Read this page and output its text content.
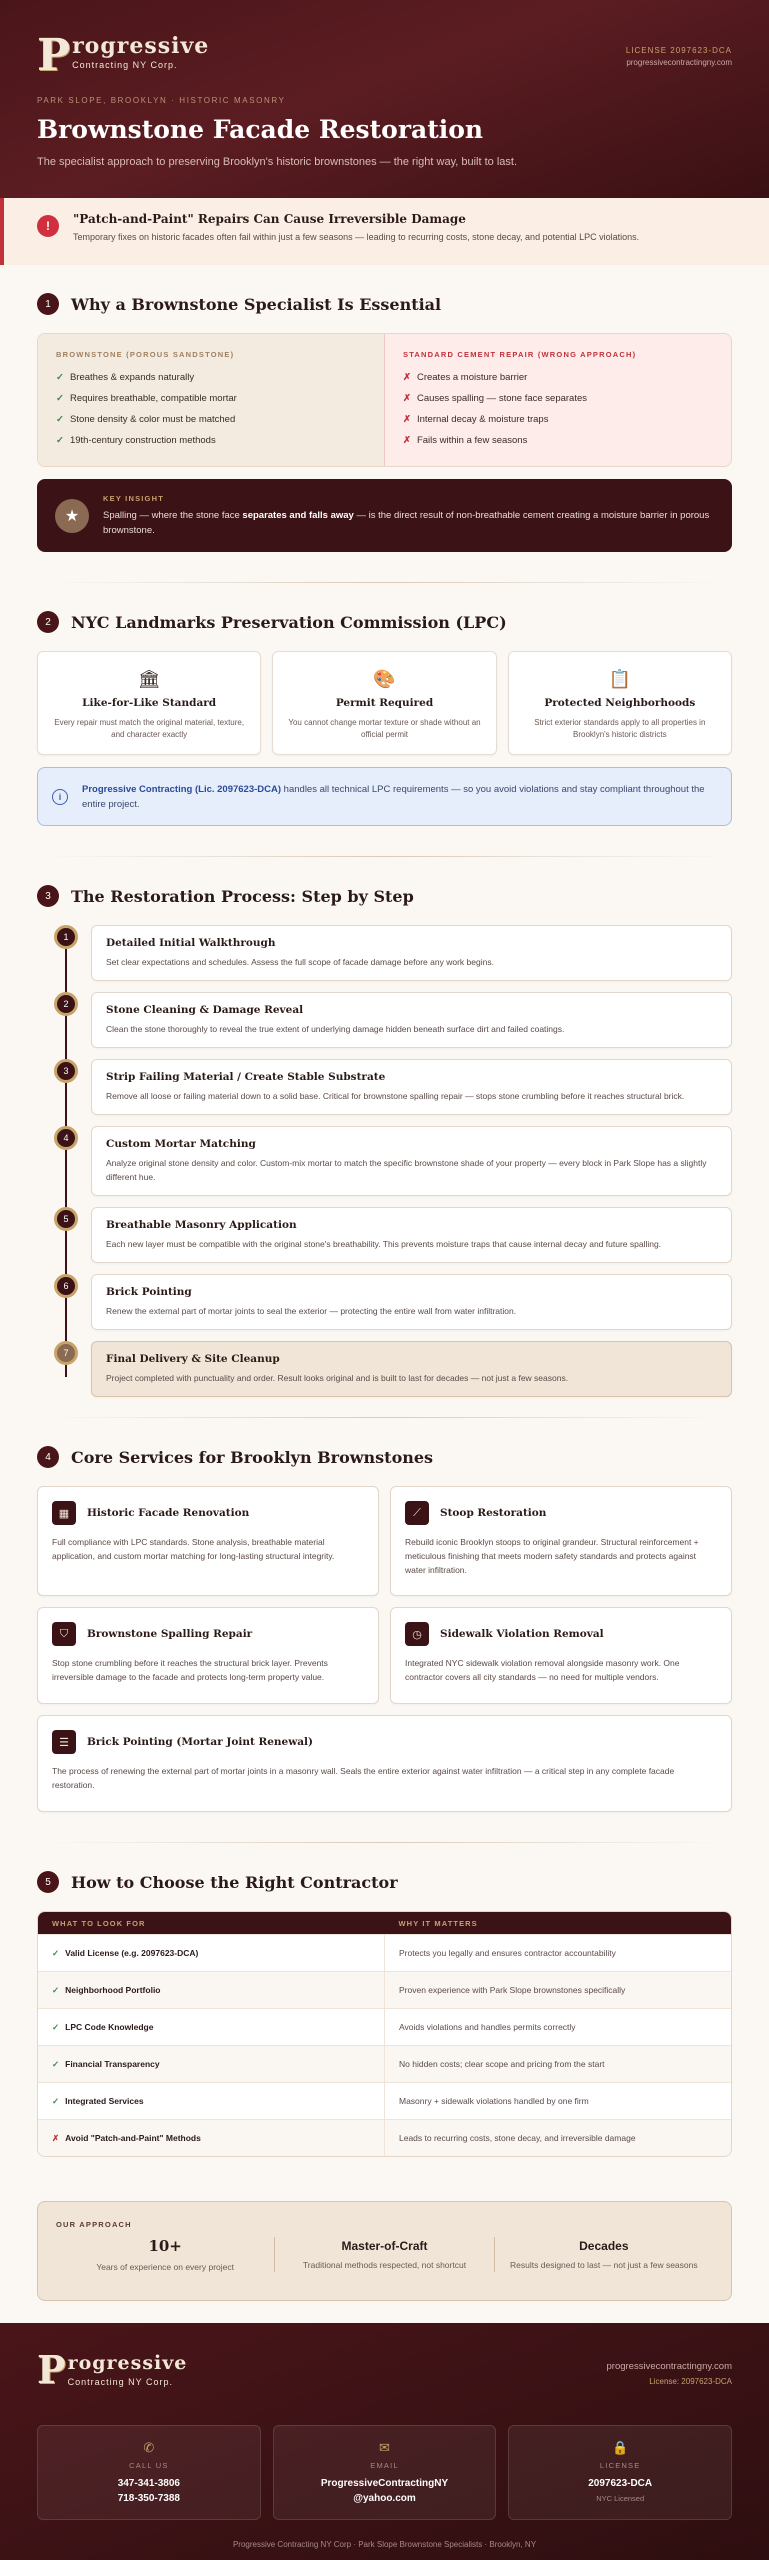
P rogressive
Contracting NY Corp.
LICENSE 2097623-DCA
progressivecontractingny.com
PARK SLOPE, BROOKLYN · HISTORIC MASONRY
Brownstone Facade Restoration

The specialist approach to preserving Brooklyn's historic brownstones — the right way, built to last.

!	"Patch-and-Paint" Repairs Can Cause Irreversible Damage

Temporary fixes on historic facades often fail within just a few seasons — leading to recurring costs, stone decay, and potential LPC violations.

1	Why a Brownstone Specialist Is Essential
BROWNSTONE (POROUS SANDSTONE)
✓ Breathes & expands naturally
✓ Requires breathable, compatible mortar
✓ Stone density & color must be matched
✓ 19th-century construction methods
STANDARD CEMENT REPAIR (WRONG APPROACH)
✗ Creates a moisture barrier
✗ Causes spalling — stone face separates
✗ Internal decay & moisture traps
✗ Fails within a few seasons
★
KEY INSIGHT
Spalling — where the stone face separates and falls away — is the direct result of non-breathable cement creating a moisture barrier in porous brownstone.
2	NYC Landmarks Preservation Commission (LPC)
🏛
Like-for-Like Standard

Every repair must match the original material, texture, and character exactly

🎨
Permit Required

You cannot change mortar texture or shade without an official permit

📋
Protected Neighborhoods

Strict exterior standards apply to all properties in Brooklyn's historic districts

i

Progressive Contracting (Lic. 2097623-DCA) handles all technical LPC requirements — so you avoid violations and stay compliant throughout the entire project.

3	The Restoration Process: Step by Step
1	Detailed Initial Walkthrough

Set clear expectations and schedules. Assess the full scope of facade damage before any work begins.

2	Stone Cleaning & Damage Reveal

Clean the stone thoroughly to reveal the true extent of underlying damage hidden beneath surface dirt and failed coatings.

3	Strip Failing Material / Create Stable Substrate

Remove all loose or failing material down to a solid base. Critical for brownstone spalling repair — stops stone crumbling before it reaches structural brick.

4	Custom Mortar Matching

Analyze original stone density and color. Custom-mix mortar to match the specific brownstone shade of your property — every block in Park Slope has a slightly different hue.

5	Breathable Masonry Application

Each new layer must be compatible with the original stone's breathability. This prevents moisture traps that cause internal decay and future spalling.

6	Brick Pointing

Renew the external part of mortar joints to seal the exterior — protecting the entire wall from water infiltration.

7	Final Delivery & Site Cleanup

Project completed with punctuality and order. Result looks original and is built to last for decades — not just a few seasons.

4	Core Services for Brooklyn Brownstones
▦	Historic Facade Renovation

Full compliance with LPC standards. Stone analysis, breathable material application, and custom mortar matching for long-lasting structural integrity.

⟋	Stoop Restoration

Rebuild iconic Brooklyn stoops to original grandeur. Structural reinforcement + meticulous finishing that meets modern safety standards and protects against water infiltration.

⛉	Brownstone Spalling Repair

Stop stone crumbling before it reaches the structural brick layer. Prevents irreversible damage to the facade and protects long-term property value.

◷	Sidewalk Violation Removal

Integrated NYC sidewalk violation removal alongside masonry work. One contractor covers all city standards — no need for multiple vendors.

☰	Brick Pointing (Mortar Joint Renewal)

The process of renewing the external part of mortar joints in a masonry wall. Seals the entire exterior against water infiltration — a critical step in any complete facade restoration.

5	How to Choose the Right Contractor
WHAT TO LOOK FOR	WHY IT MATTERS
✓ Valid License (e.g. 2097623-DCA)	Protects you legally and ensures contractor accountability
✓ Neighborhood Portfolio	Proven experience with Park Slope brownstones specifically
✓ LPC Code Knowledge	Avoids violations and handles permits correctly
✓ Financial Transparency	No hidden costs; clear scope and pricing from the start
✓ Integrated Services	Masonry + sidewalk violations handled by one firm
✗ Avoid "Patch-and-Paint" Methods	Leads to recurring costs, stone decay, and irreversible damage
OUR APPROACH
10+
Years of experience on every project
Master-of-Craft
Traditional methods respected, not shortcut
Decades
Results designed to last — not just a few seasons
P rogressive
Contracting NY Corp.
progressivecontractingny.com
License: 2097623-DCA
✆
CALL US
347-341-3806
718-350-7388
✉
EMAIL
ProgressiveContractingNY
@yahoo.com
🔒
LICENSE
2097623-DCA
NYC Licensed
Progressive Contracting NY Corp · Park Slope Brownstone Specialists · Brooklyn, NY
